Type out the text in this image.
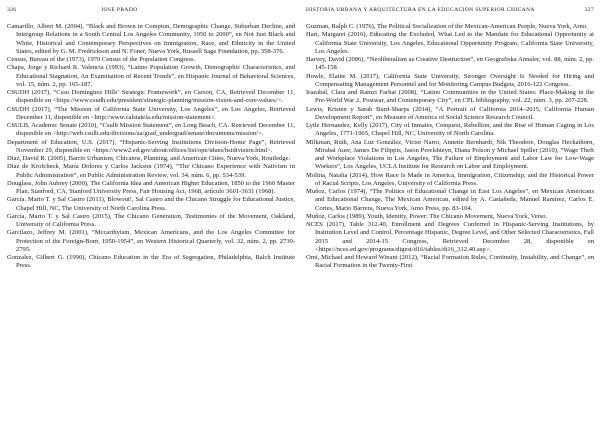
326	JOSÉ PRADO

Camarillo, Albert M. (2004), “Black and Brown in Compton, Demographic Change, Suburban Decline, and Intergroup Relations in a South Central Los Angeles Community, 1950 to 2000”, en Not Just Black and White, Historical and Contemporary Perspectives on Immigration, Race, and Ethnicity in the United States, edited by G. M. Fredrickson and N. Foner, Nueva York, Russell Sage Foundation, pp. 358-376.

Census, Bureau of the (1973), 1970 Census of the Population Congress.

Chapa, Jorge y Richard R. Valencia (1993), “Latino Population Growth, Demographic Characteristics, and Educational Stagnation, An Examination of Recent Trends”, en Hispanic Journal of Behavioral Sciences, vol. 15, núm. 2, pp. 165-187.

CSUDH (2017), “Cssu Dominguez Hills’ Strategic Framework”, en Carson, CA, Retrieved December 11, disponible en <https://www.csudh.edu/president/strategic-planning/mission-vision-and-core-values/>.

CSUDH (2017), “The Mission of California State University, Los Angeles”, en Los Angeles, Retrieved December 11, disponible en <http://www.calstatela.edu/mission-statement>.

CSULB, Academic Senate (2010), “Csulb Mission Statement”, en Long Beach, CA. Retrieved December 11, disponible en <http://web.csulb.edu/divisions/aa/grad_undergrad/senate/documents/mission/>.

Department of Education, U.S. (2017), “Hispanic-Serving Institutions Division-Home Page”, Retrieved November 29, disponible en <https://www2.ed.gov/about/offices/list/ope/idues/hsidivision.html>.

Diaz, David R. (2005), Barrio Urbanism, Chicanos, Planning, and American Cities, Nueva York, Routledge.

Diaz de Krofcheck, María Dolores y Carlos Jackson (1974), “The Chicano Experience with Nativism in Public Administration”, en Public Administration Review, vol. 34, núm. 6, pp. 534-539.

Douglass, John Aubrey (2000), The California Idea and American Higher Education, 1850 to the 1960 Master Plan, Stanford, CA, Stanford University Press, Fair Housing Act, 1968, artículo 3601-3631 (1968).

García, Mario T. y Sal Castro (2011), Blowout!, Sal Castro and the Chicano Struggle for Educational Justice, Chapel Hill, NC, The University of North Carolina Press.

García, Mario T. y Sal Castro (2015), The Chicano Generation, Testimonies of the Movement, Oakland, University of California Press.

Garcilazo, Jeffrey M. (2001), “Mccarthyism, Mexican Americans, and the Los Angeles Committee for Protection of the Foreign-Born, 1950-1954”, en Western Historical Quarterly, vol. 32, núm. 2, pp. 2730-2795.

Gonzalez, Gilbert G. (1990), Chicano Education in the Era of Segregation, Philadelphia, Balch Institute Press.

HISTORIA URBANA Y ARQUITECTURA EN LA EDUCACIÓN SUPERIOR CHICANA	327

Guzman, Ralph C. (1976), The Political Socialization of the Mexican-American People, Nueva York, Arno.

Hart, Margaret (2016), Educating the Excluded, What Led to the Mandate for Educational Opportunity at California State University, Los Angeles, Educational Opportunity Program, California State University, Los Angeles.

Harvey, David (2006), “Neoliberalism as Creative Destruction”, en Geografiska Annaler, vol. 88, núm. 2, pp. 145-158.

Howle, Elaine M. (2017), California State University, Stronger Oversight Is Needed for Hiring and Compensating Management Personnel and for Monitoring Campus Budgets, 2016-122 Congress.

Irazabal, Clara and Ramzi Farhat (2008), “Latino Communities in the United States: Place-Making in the Pre-World War 2, Postwar, and Contemporary City”, en CPL bibliography, vol. 22, núm. 3, pp. 207-228.

Lewis, Kristen y Sarah Burd-Sharps (2014), “A Portrait of California 2014–2015, California Human Development Report”, en Measure of America of Social Science Research Council.

Lytle Hernandez, Kelly (2017), City of Inmates, Conquest, Rebellion, and the Rise of Human Caging in Los Angeles, 1771-1965, Chapel Hill, NC, University of North Carolina.

Milkman, Ruth, Ana Luz González, Victor Narro, Annette Bernhardt, Nik Theodore, Douglas Heckathorn, Mirabai Auer, James De Filippis, Jason Perelshteyn, Diana Polson y Michael Spiller (2010), “Wage Theft and Workplace Violations in Los Angeles, The Failure of Employment and Labor Law for Low-Wage Workers”, Los Ángeles, UCLA Institute for Research on Labor and Employment.

Molina, Natalia (2014), How Race Is Made in America, Immigration, Citizenship, and the Historical Power of Racial Scripts, Los Angeles, University of California Press.

Muñoz, Carlos (1974), “The Politics of Educational Change in East Los Angeles”, en Mexican Americans and Educational Change, The Mexican American, edited by A. Castañeda, Manuel Ramírez, Carlos E. Cortes, Mario Barrera, Nueva York, Arno Press, pp. 83-104.

Muñoz, Carlos (1989), Youth, Identity, Power: The Chicano Movement, Nueva York, Verso.

NCES (2017), Table 312.40, Enrollment and Degrees Conferred in Hispanic-Serving Institutions, by Institution Level and Control, Percentage Hispanic, Degree Level, and Other Selected Characteristics, Fall 2015 and 2014-15 Congress, Retrieved December 28, disponible en <https://nces.ed.gov/programs/digest/d16/tables/dt16_312.40.asp>.

Omi, Michael and Howard Winant (2012), “Racial Formation Rules, Continuity, Instability, and Change”, en Racial Formation in the Twenty-First
